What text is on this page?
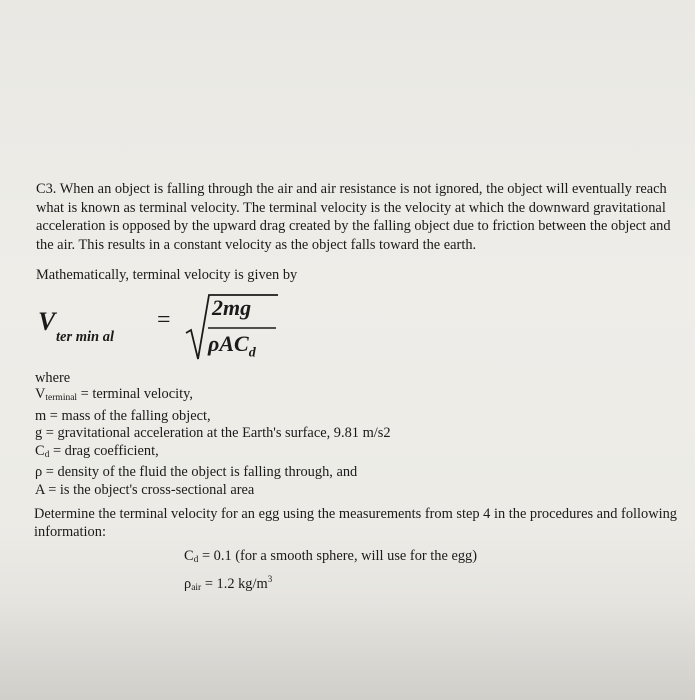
C3. When an object is falling through the air and air resistance is not ignored, the object will eventually reach what is known as terminal velocity. The terminal velocity is the velocity at which the downward gravitational acceleration is opposed by the upward drag created by the falling object due to friction between the object and the air. This results in a constant velocity as the object falls toward the earth.
Mathematically, terminal velocity is given by
V
ter min al
= 2mg
ρAC$_d$
where
Vterminal = terminal velocity,
m = mass of the falling object,
g = gravitational acceleration at the Earth's surface, 9.81 m/s2
Cd = drag coefficient,
ρ = density of the fluid the object is falling through, and
A = is the object's cross-sectional area
Determine the terminal velocity for an egg using the measurements from step 4 in the procedures and following information:
Cd = 0.1 (for a smooth sphere, will use for the egg)
ρair = 1.2 $kg/m^3$
